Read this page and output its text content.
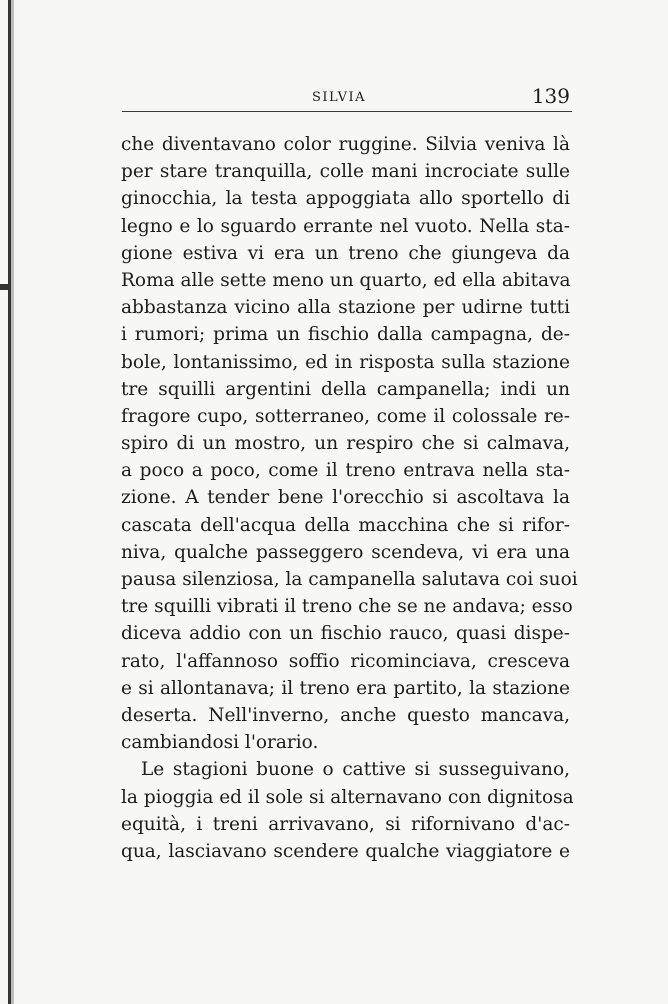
SILVIA	139
che diventavano color ruggine. Silvia veniva là
per stare tranquilla, colle mani incrociate sulle
ginocchia, la testa appoggiata allo sportello di
legno e lo sguardo errante nel vuoto. Nella sta-
gione estiva vi era un treno che giungeva da
Roma alle sette meno un quarto, ed ella abitava
abbastanza vicino alla stazione per udirne tutti
i rumori; prima un fischio dalla campagna, de-
bole, lontanissimo, ed in risposta sulla stazione
tre squilli argentini della campanella; indi un
fragore cupo, sotterraneo, come il colossale re-
spiro di un mostro, un respiro che si calmava,
a poco a poco, come il treno entrava nella sta-
zione. A tender bene l'orecchio si ascoltava la
cascata dell'acqua della macchina che si rifor-
niva, qualche passeggero scendeva, vi era una
pausa silenziosa, la campanella salutava coi suoi
tre squilli vibrati il treno che se ne andava; esso
diceva addio con un fischio rauco, quasi dispe-
rato, l'affannoso soffio ricominciava, cresceva
e si allontanava; il treno era partito, la stazione
deserta. Nell'inverno, anche questo mancava,
cambiandosi l'orario.
Le stagioni buone o cattive si susseguivano,
la pioggia ed il sole si alternavano con dignitosa
equità, i treni arrivavano, si rifornivano d'ac-
qua, lasciavano scendere qualche viaggiatore e
